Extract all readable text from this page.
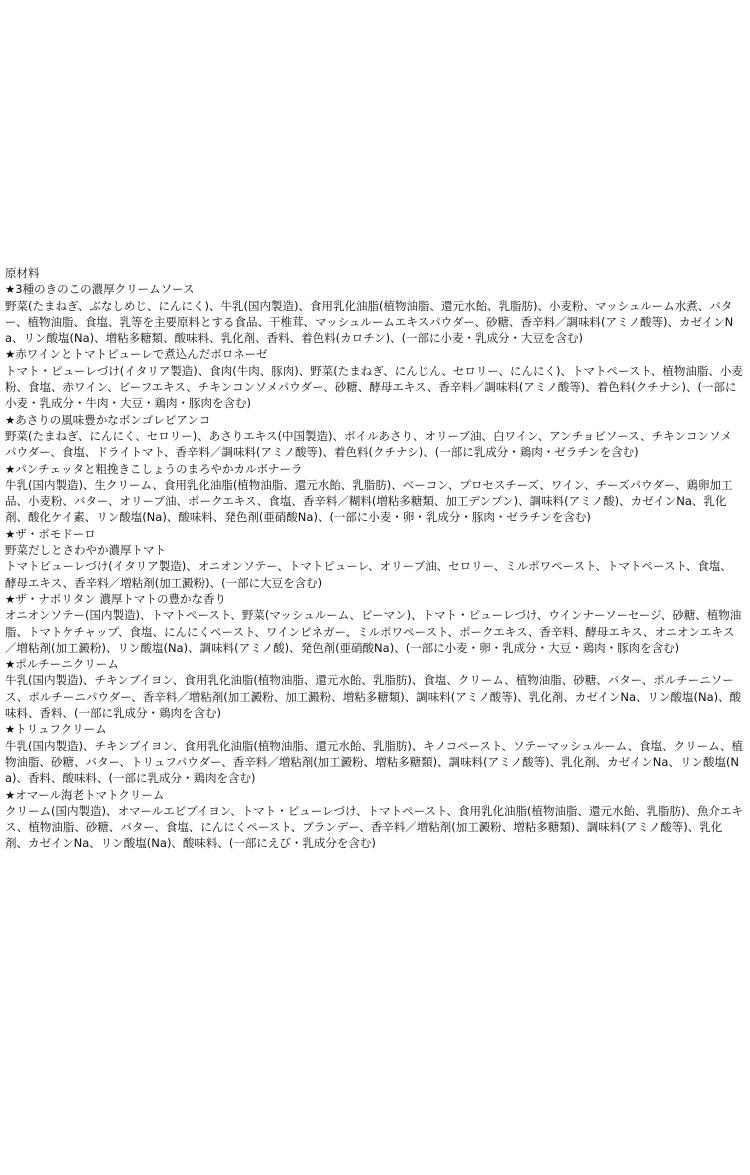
原材料
★3種のきのこの濃厚クリームソース
野菜(たまねぎ、ぶなしめじ、にんにく)、牛乳(国内製造)、食用乳化油脂(植物油脂、還元水飴、乳脂肪)、小麦粉、マッシュルーム水煮、バター、植物油脂、食塩、乳等を主要原料とする食品、干椎茸、マッシュルームエキスパウダー、砂糖、香辛料／調味料(アミノ酸等)、カゼインNa、リン酸塩(Na)、増粘多糖類、酸味料、乳化剤、香料、着色料(カロチン)、(一部に小麦・乳成分・大豆を含む)
★赤ワインとトマトピューレで煮込んだボロネーゼ
トマト・ピューレづけ(イタリア製造)、食肉(牛肉、豚肉)、野菜(たまねぎ、にんじん、セロリー、にんにく)、トマトペースト、植物油脂、小麦粉、食塩、赤ワイン、ビーフエキス、チキンコンソメパウダー、砂糖、酵母エキス、香辛料／調味料(アミノ酸等)、着色料(クチナシ)、(一部に小麦・乳成分・牛肉・大豆・鶏肉・豚肉を含む)
★あさりの風味豊かなボンゴレビアンコ
野菜(たまねぎ、にんにく、セロリー)、あさりエキス(中国製造)、ボイルあさり、オリーブ油、白ワイン、アンチョビソース、チキンコンソメパウダー、食塩、ドライトマト、香辛料／調味料(アミノ酸等)、着色料(クチナシ)、(一部に乳成分・鶏肉・ゼラチンを含む)
★パンチェッタと粗挽きこしょうのまろやかカルボナーラ
牛乳(国内製造)、生クリーム、食用乳化油脂(植物油脂、還元水飴、乳脂肪)、ベーコン、プロセスチーズ、ワイン、チーズパウダー、鶏卵加工品、小麦粉、バター、オリーブ油、ポークエキス、食塩、香辛料／糊料(増粘多糖類、加工デンプン)、調味料(アミノ酸)、カゼインNa、乳化剤、酸化ケイ素、リン酸塩(Na)、酸味料、発色剤(亜硝酸Na)、(一部に小麦・卵・乳成分・豚肉・ゼラチンを含む)
★ザ・ポモドーロ
野菜だしとさわやか濃厚トマト
トマトピューレづけ(イタリア製造)、オニオンソテー、トマトピューレ、オリーブ油、セロリー、ミルポワペースト、トマトペースト、食塩、酵母エキス、香辛料／増粘剤(加工澱粉)、(一部に大豆を含む)
★ザ・ナポリタン 濃厚トマトの豊かな香り
オニオンソテー(国内製造)、トマトペースト、野菜(マッシュルーム、ピーマン)、トマト・ピューレづけ、ウインナーソーセージ、砂糖、植物油脂、トマトケチャップ、食塩、にんにくペースト、ワインビネガー、ミルポワペースト、ポークエキス、香辛料、酵母エキス、オニオンエキス／増粘剤(加工澱粉)、リン酸塩(Na)、調味料(アミノ酸)、発色剤(亜硝酸Na)、(一部に小麦・卵・乳成分・大豆・鶏肉・豚肉を含む)
★ポルチーニクリーム
牛乳(国内製造)、チキンブイヨン、食用乳化油脂(植物油脂、還元水飴、乳脂肪)、食塩、クリーム、植物油脂、砂糖、バター、ポルチーニソース、ポルチーニパウダー、香辛料／増粘剤(加工澱粉、加工澱粉、増粘多糖類)、調味料(アミノ酸等)、乳化剤、カゼインNa、リン酸塩(Na)、酸味料、香料、(一部に乳成分・鶏肉を含む)
★トリュフクリーム
牛乳(国内製造)、チキンブイヨン、食用乳化油脂(植物油脂、還元水飴、乳脂肪)、キノコペースト、ソテーマッシュルーム、食塩、クリーム、植物油脂、砂糖、バター、トリュフパウダー、香辛料／増粘剤(加工澱粉、増粘多糖類)、調味料(アミノ酸等)、乳化剤、カゼインNa、リン酸塩(Na)、香料、酸味料、(一部に乳成分・鶏肉を含む)
★オマール海老トマトクリーム
クリーム(国内製造)、オマールエビブイヨン、トマト・ピューレづけ、トマトペースト、食用乳化油脂(植物油脂、還元水飴、乳脂肪)、魚介エキス、植物油脂、砂糖、バター、食塩、にんにくペースト、ブランデー、香辛料／増粘剤(加工澱粉、増粘多糖類)、調味料(アミノ酸等)、乳化剤、カゼインNa、リン酸塩(Na)、酸味料、(一部にえび・乳成分を含む)
